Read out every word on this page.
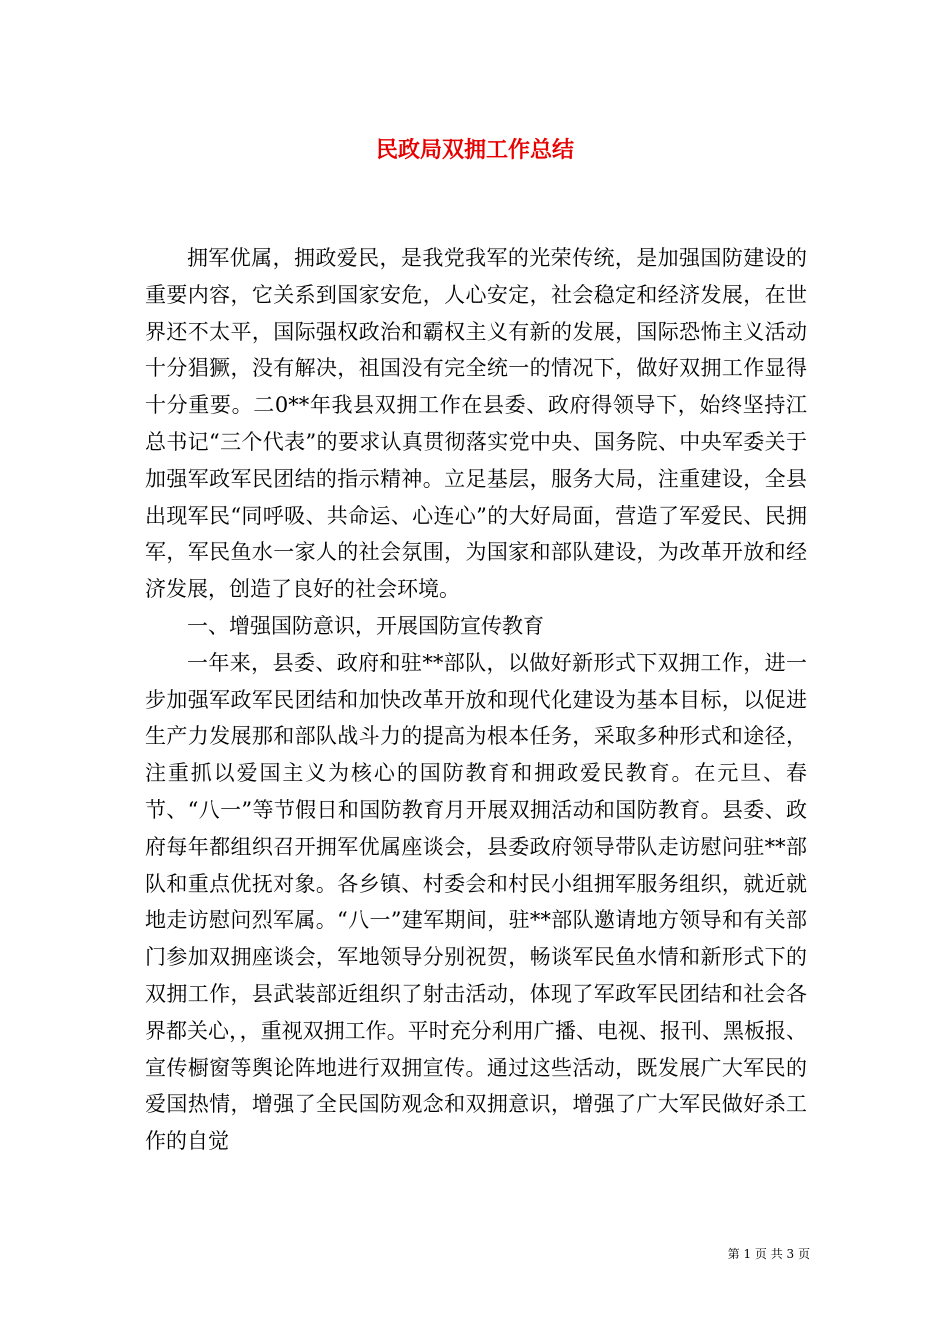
民政局双拥工作总结

拥军优属，拥政爱民，是我党我军的光荣传统，是加强国防建设的重要内容，它关系到国家安危，人心安定，社会稳定和经济发展，在世界还不太平，国际强权政治和霸权主义有新的发展，国际恐怖主义活动十分猖獗，没有解决，祖国没有完全统一的情况下，做好双拥工作显得十分重要。二0**年我县双拥工作在县委、政府得领导下，始终坚持江总书记“三个代表”的要求认真贯彻落实党中央、国务院、中央军委关于加强军政军民团结的指示精神。立足基层，服务大局，注重建设，全县出现军民“同呼吸、共命运、心连心”的大好局面，营造了军爱民、民拥军，军民鱼水一家人的社会氛围，为国家和部队建设，为改革开放和经济发展，创造了良好的社会环境。

一、增强国防意识，开展国防宣传教育

一年来，县委、政府和驻**部队，以做好新形式下双拥工作，进一步加强军政军民团结和加快改革开放和现代化建设为基本目标，以促进生产力发展那和部队战斗力的提高为根本任务，采取多种形式和途径，注重抓以爱国主义为核心的国防教育和拥政爱民教育。在元旦、春节、“八一”等节假日和国防教育月开展双拥活动和国防教育。县委、政府每年都组织召开拥军优属座谈会，县委政府领导带队走访慰问驻**部队和重点优抚对象。各乡镇、村委会和村民小组拥军服务组织，就近就地走访慰问烈军属。“八一”建军期间，驻**部队邀请地方领导和有关部门参加双拥座谈会，军地领导分别祝贺，畅谈军民鱼水情和新形式下的双拥工作，县武装部近组织了射击活动，体现了军政军民团结和社会各界都关心，，重视双拥工作。平时充分利用广播、电视、报刊、黑板报、宣传橱窗等舆论阵地进行双拥宣传。通过这些活动，既发展广大军民的爱国热情，增强了全民国防观念和双拥意识，增强了广大军民做好杀工作的自觉

第 1 页 共 3 页
